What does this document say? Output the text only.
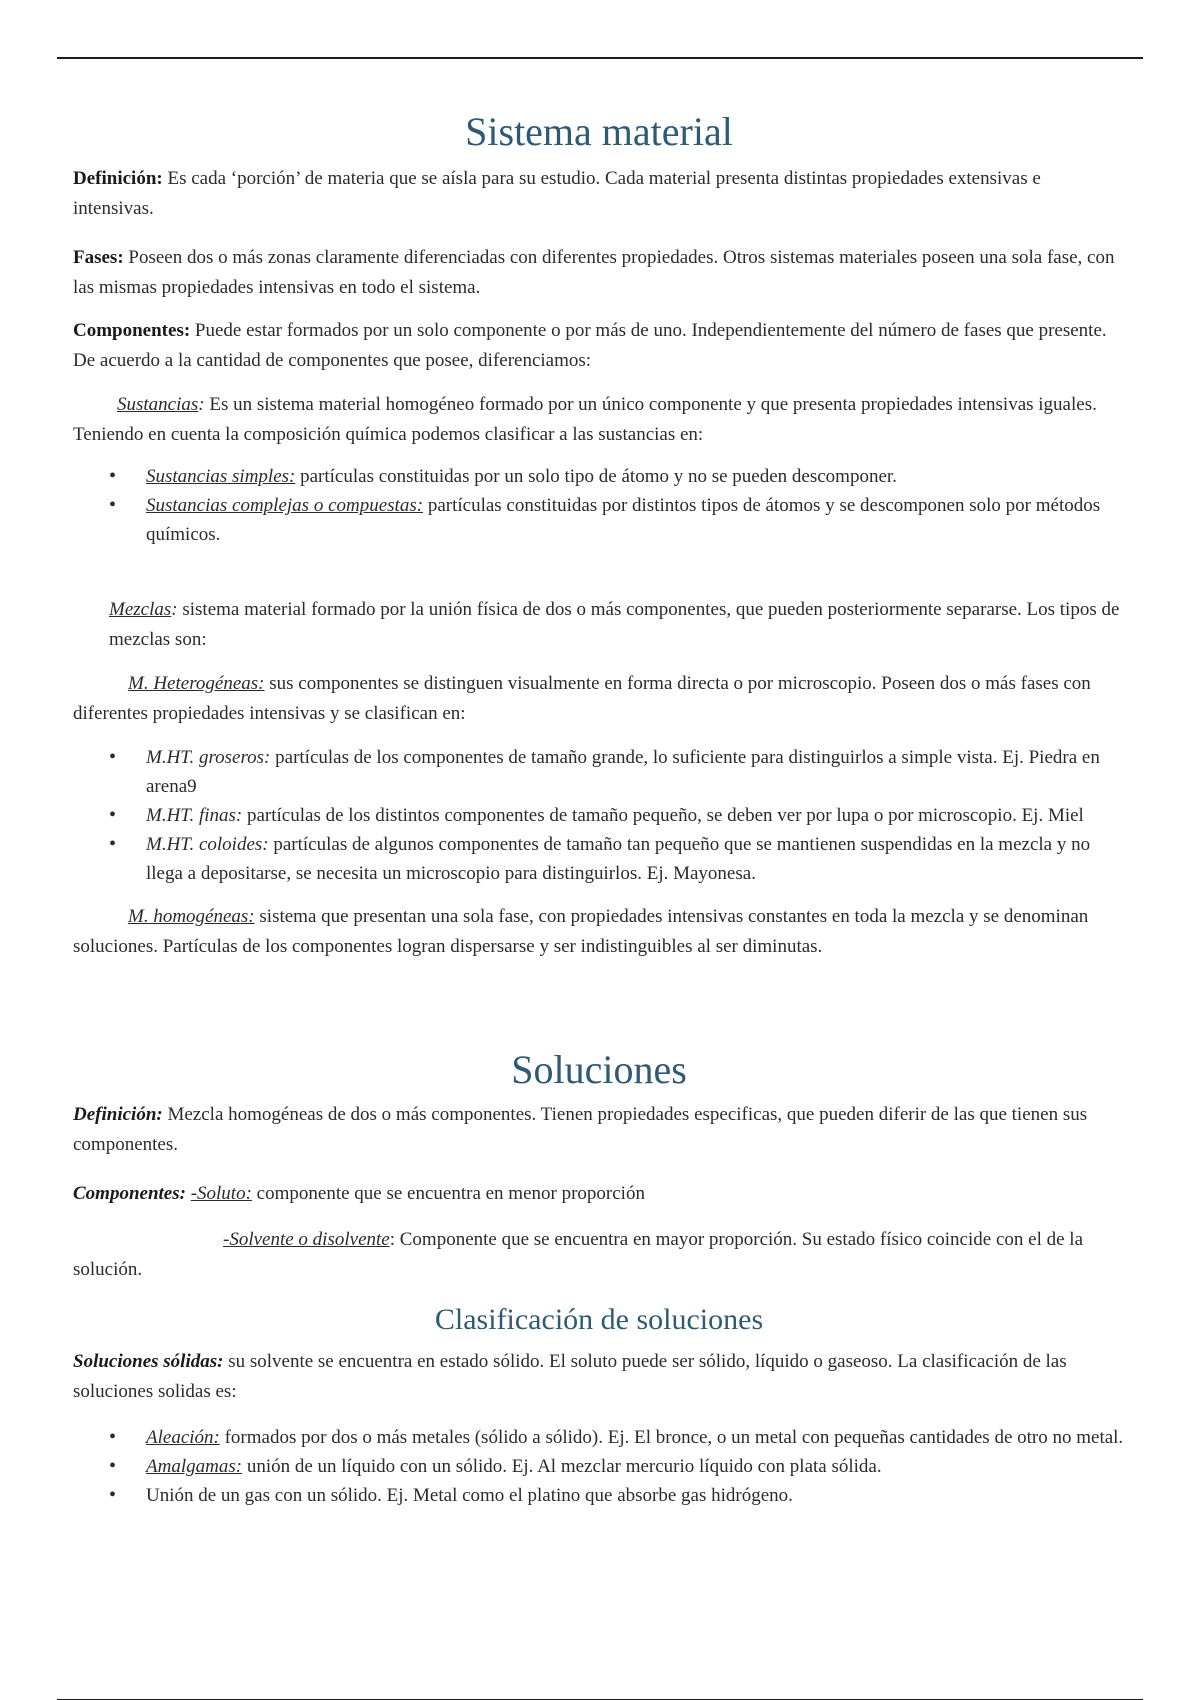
Sistema material

Definición: Es cada ‘porción’ de materia que se aísla para su estudio. Cada material presenta distintas propiedades extensivas e intensivas.

Fases: Poseen dos o más zonas claramente diferenciadas con diferentes propiedades. Otros sistemas materiales poseen una sola fase, con las mismas propiedades intensivas en todo el sistema.

Componentes: Puede estar formados por un solo componente o por más de uno. Independientemente del número de fases que presente. De acuerdo a la cantidad de componentes que posee, diferenciamos:

Sustancias: Es un sistema material homogéneo formado por un único componente y que presenta propiedades intensivas iguales. Teniendo en cuenta la composición química podemos clasificar a las sustancias en:

• Sustancias simples: partículas constituidas por un solo tipo de átomo y no se pueden descomponer.
• Sustancias complejas o compuestas: partículas constituidas por distintos tipos de átomos y se descomponen solo por métodos químicos.

Mezclas: sistema material formado por la unión física de dos o más componentes, que pueden posteriormente separarse. Los tipos de mezclas son:

M. Heterogéneas: sus componentes se distinguen visualmente en forma directa o por microscopio. Poseen dos o más fases con diferentes propiedades intensivas y se clasifican en:

• M.HT. groseros: partículas de los componentes de tamaño grande, lo suficiente para distinguirlos a simple vista. Ej. Piedra en arena9
• M.HT. finas: partículas de los distintos componentes de tamaño pequeño, se deben ver por lupa o por microscopio. Ej. Miel
• M.HT. coloides: partículas de algunos componentes de tamaño tan pequeño que se mantienen suspendidas en la mezcla y no llega a depositarse, se necesita un microscopio para distinguirlos. Ej. Mayonesa.

M. homogéneas: sistema que presentan una sola fase, con propiedades intensivas constantes en toda la mezcla y se denominan soluciones. Partículas de los componentes logran dispersarse y ser indistinguibles al ser diminutas.

Soluciones

Definición: Mezcla homogéneas de dos o más componentes. Tienen propiedades especificas, que pueden diferir de las que tienen sus componentes.

Componentes: -Soluto: componente que se encuentra en menor proporción

-Solvente o disolvente: Componente que se encuentra en mayor proporción. Su estado físico coincide con el de la solución.

Clasificación de soluciones

Soluciones sólidas: su solvente se encuentra en estado sólido. El soluto puede ser sólido, líquido o gaseoso. La clasificación de las soluciones solidas es:

• Aleación: formados por dos o más metales (sólido a sólido). Ej. El bronce, o un metal con pequeñas cantidades de otro no metal.
• Amalgamas: unión de un líquido con un sólido. Ej. Al mezclar mercurio líquido con plata sólida.
• Unión de un gas con un sólido. Ej. Metal como el platino que absorbe gas hidrógeno.
